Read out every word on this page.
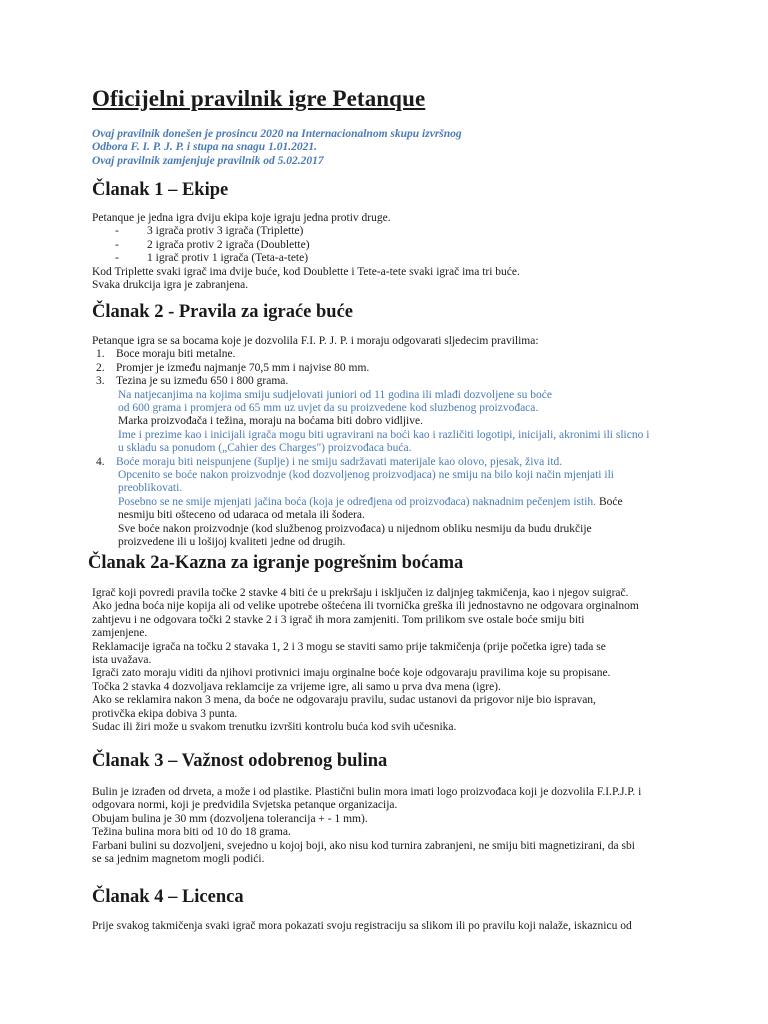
Oficijelni pravilnik igre Petanque
Ovaj pravilnik donešen je prosincu 2020 na Internacionalnom skupu izvršnog
Odbora F. I. P. J. P. i stupa na snagu 1.01.2021.
Ovaj pravilnik zamjenjuje pravilnik od 5.02.2017
Članak 1 – Ekipe
Petanque je jedna igra dviju ekipa koje igraju jedna protiv druge.
- 3 igrača protiv 3 igrača (Triplette)
- 2 igrača protiv 2 igrača (Doublette)
- 1 igrač protiv 1 igrača (Teta-a-tete)
Kod Triplette svaki igrač ima dvije buće, kod Doublette i Tete-a-tete svaki igrač ima tri buće.
Svaka drukcija igra je zabranjena.
Članak 2 - Pravila za igraće buće
Petanque igra se sa bocama koje je dozvolila F.I. P. J. P. i moraju odgovarati sljedecim pravilima:
1. Boce moraju biti metalne.
2. Promjer je između najmanje 70,5 mm i najvise 80 mm.
3. Tezina je su između 650 i 800 grama.
Na natjecanjima na kojima smiju sudjelovati juniori od 11 godina ili mlađi dozvoljene su boće
od 600 grama i promjera od 65 mm uz uvjet da su proizvedene kod sluzbenog proizvođaca.
Marka proizvođača i težina, moraju na boćama biti dobro vidljive.
Ime i prezime kao i inicijali igrača mogu biti ugravirani na boći kao i različiti logotipi, inicijali, akronimi ili slicno i
u skladu sa ponudom („Cahier des Charges") proizvođaca buća.
4. Boće moraju biti neispunjene (šuplje) i ne smiju sadržavati materijale kao olovo, pjesak, živa itd.
Opcenito se boće nakon proizvodnje (kod dozvoljenog proizvodjaca) ne smiju na bilo koji način mjenjati ili
preoblikovati.
Posebno se ne smije mjenjati jačina boća (koja je određjena od proizvođaca) naknadnim pečenjem istih. Boće
nesmiju biti ošteceno od udaraca od metala ili šodera.
Sve boće nakon proizvodnje (kod službenog proizvođaca) u nijednom obliku nesmiju da budu drukčije
proizvedene ili u lošijoj kvaliteti jedne od drugih.
Članak 2a-Kazna za igranje pogrešnim boćama
Igrač koji povredi pravila točke 2 stavke 4 biti će u prekršaju i isključen iz daljnjeg takmičenja, kao i njegov suigrač.
Ako jedna boća nije kopija ali od velike upotrebe oštećena ili tvornička greška ili jednostavno ne odgovara orginalnom
zahtjevu i ne odgovara točki 2 stavke 2 i 3 igrač ih mora zamjeniti. Tom prilikom sve ostale boće smiju biti
zamjenjene.
Reklamacije igrača na točku 2 stavaka 1, 2 i 3 mogu se staviti samo prije takmičenja (prije početka igre) tada se
ista uvažava.
Igrači zato moraju viditi da njihovi protivnici imaju orginalne boće koje odgovaraju pravilima koje su propisane.
Točka 2 stavka 4 dozvoljava reklamcije za vrijeme igre, ali samo u prva dva mena (igre).
Ako se reklamira nakon 3 mena, da boće ne odgovaraju pravilu, sudac ustanovi da prigovor nije bio ispravan,
protivčka ekipa dobiva 3 punta.
Sudac ili žiri može u svakom trenutku izvršiti kontrolu buća kod svih učesnika.
Članak 3 – Važnost odobrenog bulina
Bulin je izrađen od drveta, a može i od plastike. Plastični bulin mora imati logo proizvođaca koji je dozvolila F.I.P.J.P. i
odgovara normi, koji je predvidila Svjetska petanque organizacija.
Obujam bulina je 30 mm (dozvoljena tolerancija + - 1 mm).
Težina bulina mora biti od 10 do 18 grama.
Farbani bulini su dozvoljeni, svejedno u kojoj boji, ako nisu kod turnira zabranjeni, ne smiju biti magnetizirani, da sbi
se sa jednim magnetom mogli podići.
Članak 4 – Licenca
Prije svakog takmičenja svaki igrač mora pokazati svoju registraciju sa slikom ili po pravilu koji nalaže, iskaznicu od
